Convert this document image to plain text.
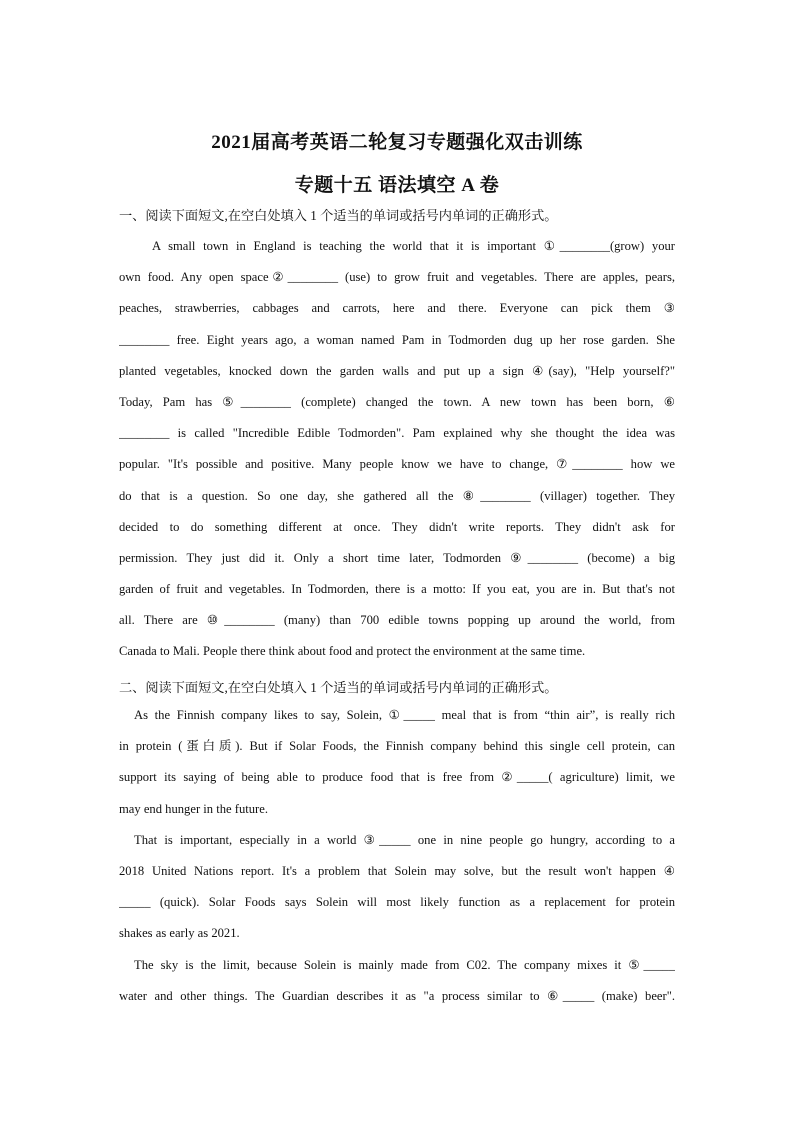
2021届高考英语二轮复习专题强化双击训练
专题十五 语法填空 A 卷
一、阅读下面短文,在空白处填入 1 个适当的单词或括号内单词的正确形式。
A small town in England is teaching the world that it is important ①________(grow) your
own food. Any open space②________ (use) to grow fruit and vegetables. There are apples, pears,
peaches, strawberries, cabbages and carrots, here and there. Everyone can pick them ③
________ free. Eight years ago, a woman named Pam in Todmorden dug up her rose garden. She
planted vegetables, knocked down the garden walls and put up a sign ④(say), "Help yourself?"
Today, Pam has ⑤________ (complete) changed the town. A new town has been born, ⑥
________ is called "Incredible Edible Todmorden". Pam explained why she thought the idea was
popular. "It's possible and positive. Many people know we have to change, ⑦________ how we
do that is a question. So one day, she gathered all the ⑧________ (villager) together. They
decided to do something different at once. They didn't write reports. They didn't ask for
permission. They just did it. Only a short time later, Todmorden ⑨________ (become) a big
garden of fruit and vegetables. In Todmorden, there is a motto: If you eat, you are in. But that's not
all. There are ⑩________ (many) than 700 edible towns popping up around the world, from
Canada to Mali. People there think about food and protect the environment at the same time.
二、阅读下面短文,在空白处填入 1 个适当的单词或括号内单词的正确形式。
As the Finnish company likes to say, Solein, ①_____ meal that is from “thin air”, is really rich
in protein (蛋白质). But if Solar Foods, the Finnish company behind this single cell protein, can
support its saying of being able to produce food that is free from ②_____( agriculture) limit, we
may end hunger in the future.
That is important, especially in a world ③_____ one in nine people go hungry, according to a
2018 United Nations report. It's a problem that Solein may solve, but the result won't happen ④
_____ (quick). Solar Foods says Solein will most likely function as a replacement for protein
shakes as early as 2021.
The sky is the limit, because Solein is mainly made from C02. The company mixes it ⑤_____
water and other things. The Guardian describes it as "a process similar to ⑥_____ (make) beer".
